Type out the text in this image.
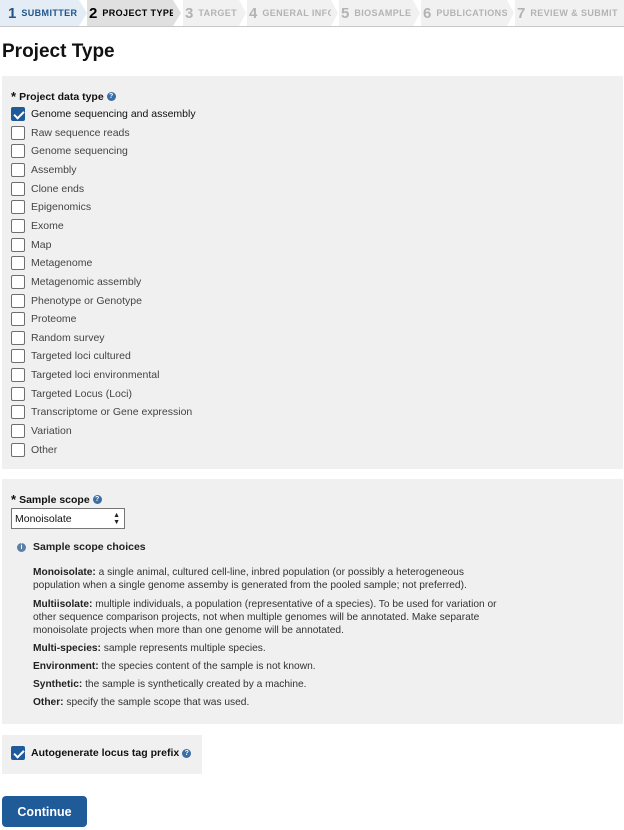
1 SUBMITTER 2 PROJECT TYPE 3 TARGET 4 GENERAL INFO 5 BIOSAMPLE 6 PUBLICATIONS 7 REVIEW & SUBMIT
Project Type
* Project data type ?
Genome sequencing and assembly
Raw sequence reads
Genome sequencing
Assembly
Clone ends
Epigenomics
Exome
Map
Metagenome
Metagenomic assembly
Phenotype or Genotype
Proteome
Random survey
Targeted loci cultured
Targeted loci environmental
Targeted Locus (Loci)
Transcriptome or Gene expression
Variation
Other
* Sample scope ?
Monoisolate	▲
▼
i	Sample scope choices
Monoisolate: a single animal, cultured cell-line, inbred population (or possibly a heterogeneous population when a single genome assemby is generated from the pooled sample; not preferred).
Multiisolate: multiple individuals, a population (representative of a species). To be used for variation or other sequence comparison projects, not when multiple genomes will be annotated. Make separate monoisolate projects when more than one genome will be annotated.
Multi-species: sample represents multiple species.
Environment: the species content of the sample is not known.
Synthetic: the sample is synthetically created by a machine.
Other: specify the sample scope that was used.
Autogenerate locus tag prefix ?
Continue
